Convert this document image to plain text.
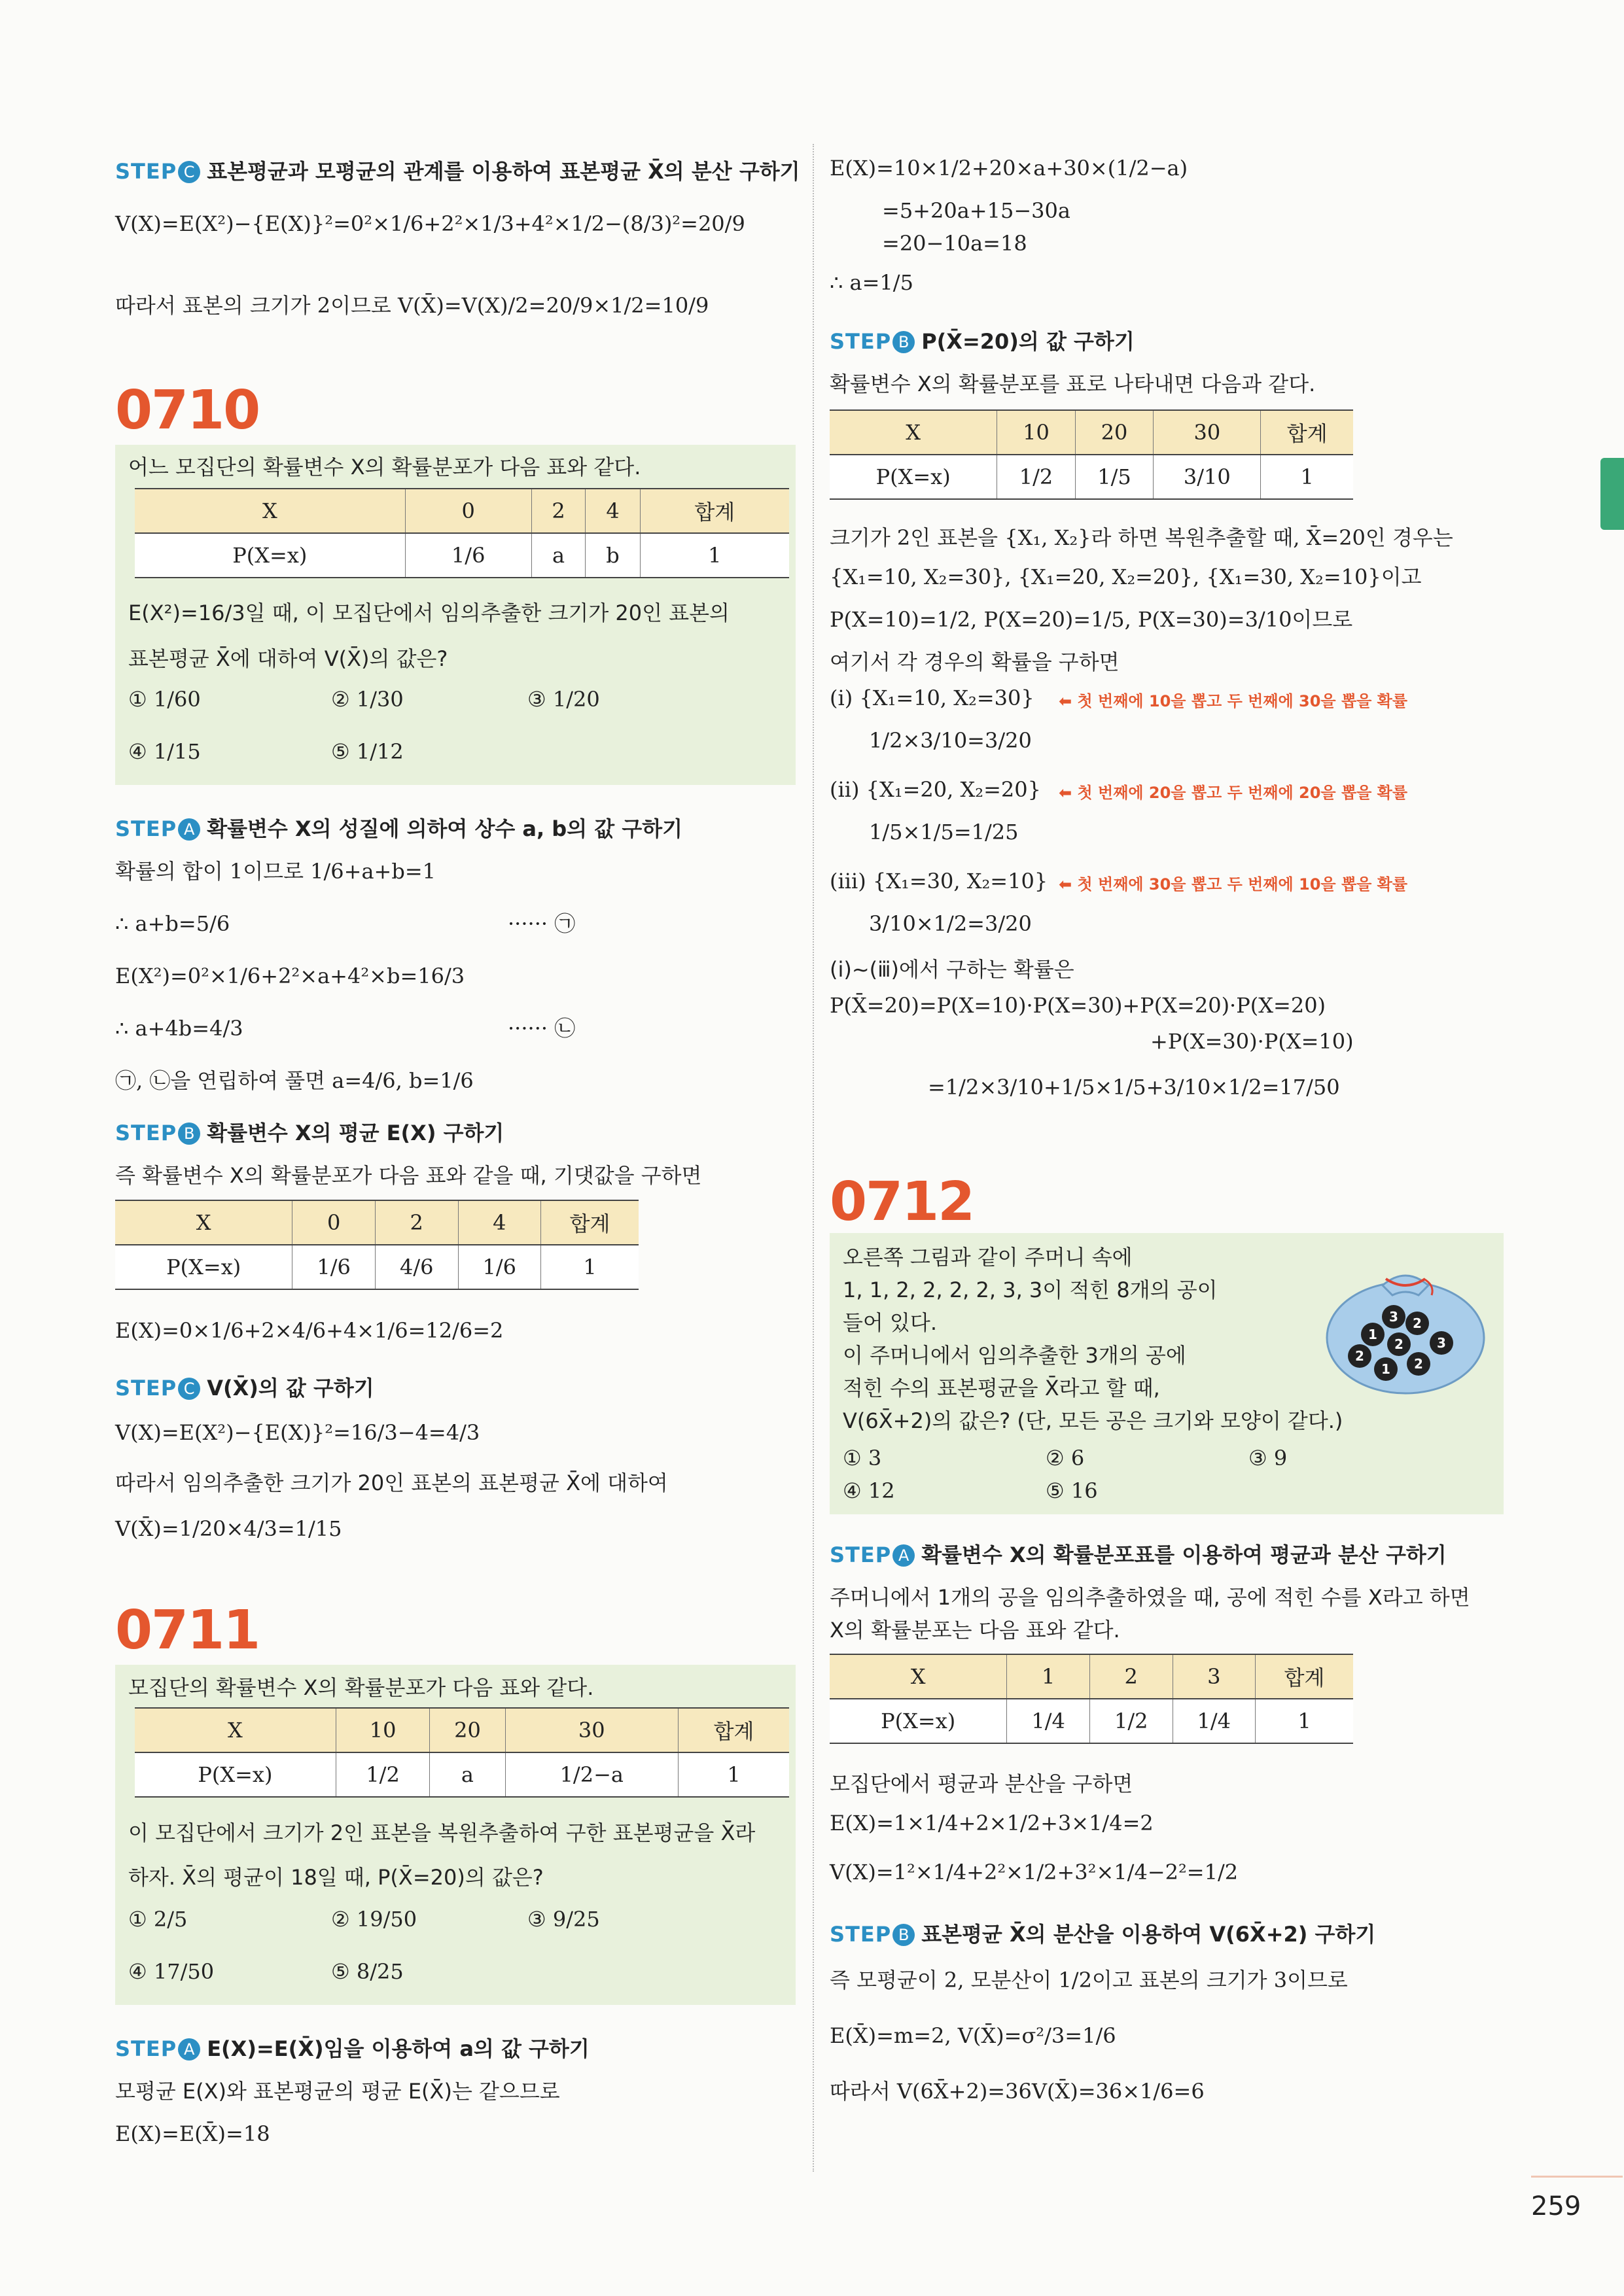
STEP C 표본평균과 모평균의 관계를 이용하여 표본평균 X̄의 분산 구하기
V(X)=E(X²)−{E(X)}²=0²×1/6+2²×1/3+4²×1/2−(8/3)²=20/9
따라서 표본의 크기가 2이므로 V(X̄)=V(X)/2=20/9×1/2=10/9
0710
어느 모집단의 확률변수 X의 확률분포가 다음 표와 같다.
X	0	2	4	합계
P(X=x)	1/6	a	b	1
E(X²)=16/3일 때, 이 모집단에서 임의추출한 크기가 20인 표본의
표본평균 X̄에 대하여 V(X̄)의 값은?
① 1/60	② 1/30	③ 1/20
④ 1/15	⑤ 1/12
STEP A 확률변수 X의 성질에 의하여 상수 a, b의 값 구하기
확률의 합이 1이므로 1/6+a+b=1
∴ a+b=5/6	······ ㉠
E(X²)=0²×1/6+2²×a+4²×b=16/3
∴ a+4b=4/3	······ ㉡
㉠, ㉡을 연립하여 풀면 a=4/6, b=1/6
STEP B 확률변수 X의 평균 E(X) 구하기
즉 확률변수 X의 확률분포가 다음 표와 같을 때, 기댓값을 구하면
X	0	2	4	합계
P(X=x)	1/6	4/6	1/6	1
E(X)=0×1/6+2×4/6+4×1/6=12/6=2
STEP C V(X̄)의 값 구하기
V(X)=E(X²)−{E(X)}²=16/3−4=4/3
따라서 임의추출한 크기가 20인 표본의 표본평균 X̄에 대하여
V(X̄)=1/20×4/3=1/15
0711
모집단의 확률변수 X의 확률분포가 다음 표와 같다.
X	10	20	30	합계
P(X=x)	1/2	a	1/2−a	1
이 모집단에서 크기가 2인 표본을 복원추출하여 구한 표본평균을 X̄라
하자. X̄의 평균이 18일 때, P(X̄=20)의 값은?
① 2/5	② 19/50	③ 9/25
④ 17/50	⑤ 8/25
STEP A E(X)=E(X̄)임을 이용하여 a의 값 구하기
모평균 E(X)와 표본평균의 평균 E(X̄)는 같으므로
E(X)=E(X̄)=18
E(X)=10×1/2+20×a+30×(1/2−a)
=5+20a+15−30a
=20−10a=18
∴ a=1/5
STEP B P(X̄=20)의 값 구하기
확률변수 X의 확률분포를 표로 나타내면 다음과 같다.
X	10	20	30	합계
P(X=x)	1/2	1/5	3/10	1
크기가 2인 표본을 {X₁, X₂}라 하면 복원추출할 때, X̄=20인 경우는
{X₁=10, X₂=30}, {X₁=20, X₂=20}, {X₁=30, X₂=10}이고
P(X=10)=1/2, P(X=20)=1/5, P(X=30)=3/10이므로
여기서 각 경우의 확률을 구하면
(ⅰ) {X₁=10, X₂=30} ⬅ 첫 번째에 10을 뽑고 두 번째에 30을 뽑을 확률
1/2×3/10=3/20
(ⅱ) {X₁=20, X₂=20} ⬅ 첫 번째에 20을 뽑고 두 번째에 20을 뽑을 확률
1/5×1/5=1/25
(ⅲ) {X₁=30, X₂=10} ⬅ 첫 번째에 30을 뽑고 두 번째에 10을 뽑을 확률
3/10×1/2=3/20
(ⅰ)~(ⅲ)에서 구하는 확률은
P(X̄=20)=P(X=10)·P(X=30)+P(X=20)·P(X=20)
+P(X=30)·P(X=10)
=1/2×3/10+1/5×1/5+3/10×1/2=17/50
0712
오른쪽 그림과 같이 주머니 속에
1, 1, 2, 2, 2, 2, 3, 3이 적힌 8개의 공이
들어 있다.
이 주머니에서 임의추출한 3개의 공에
적힌 수의 표본평균을 X̄라고 할 때,
V(6X̄+2)의 값은? (단, 모든 공은 크기와 모양이 같다.)
① 3	② 6	③ 9
④ 12	⑤ 16
3
1
2
2	3
2
1 2
STEP A 확률변수 X의 확률분포표를 이용하여 평균과 분산 구하기
주머니에서 1개의 공을 임의추출하였을 때, 공에 적힌 수를 X라고 하면
X의 확률분포는 다음 표와 같다.
X	1	2	3	합계
P(X=x)	1/4	1/2	1/4	1
모집단에서 평균과 분산을 구하면
E(X)=1×1/4+2×1/2+3×1/4=2
V(X)=1²×1/4+2²×1/2+3²×1/4−2²=1/2
STEP B 표본평균 X̄의 분산을 이용하여 V(6X̄+2) 구하기
즉 모평균이 2, 모분산이 1/2이고 표본의 크기가 3이므로
E(X̄)=m=2, V(X̄)=σ²/3=1/6
따라서 V(6X̄+2)=36V(X̄)=36×1/6=6
259
